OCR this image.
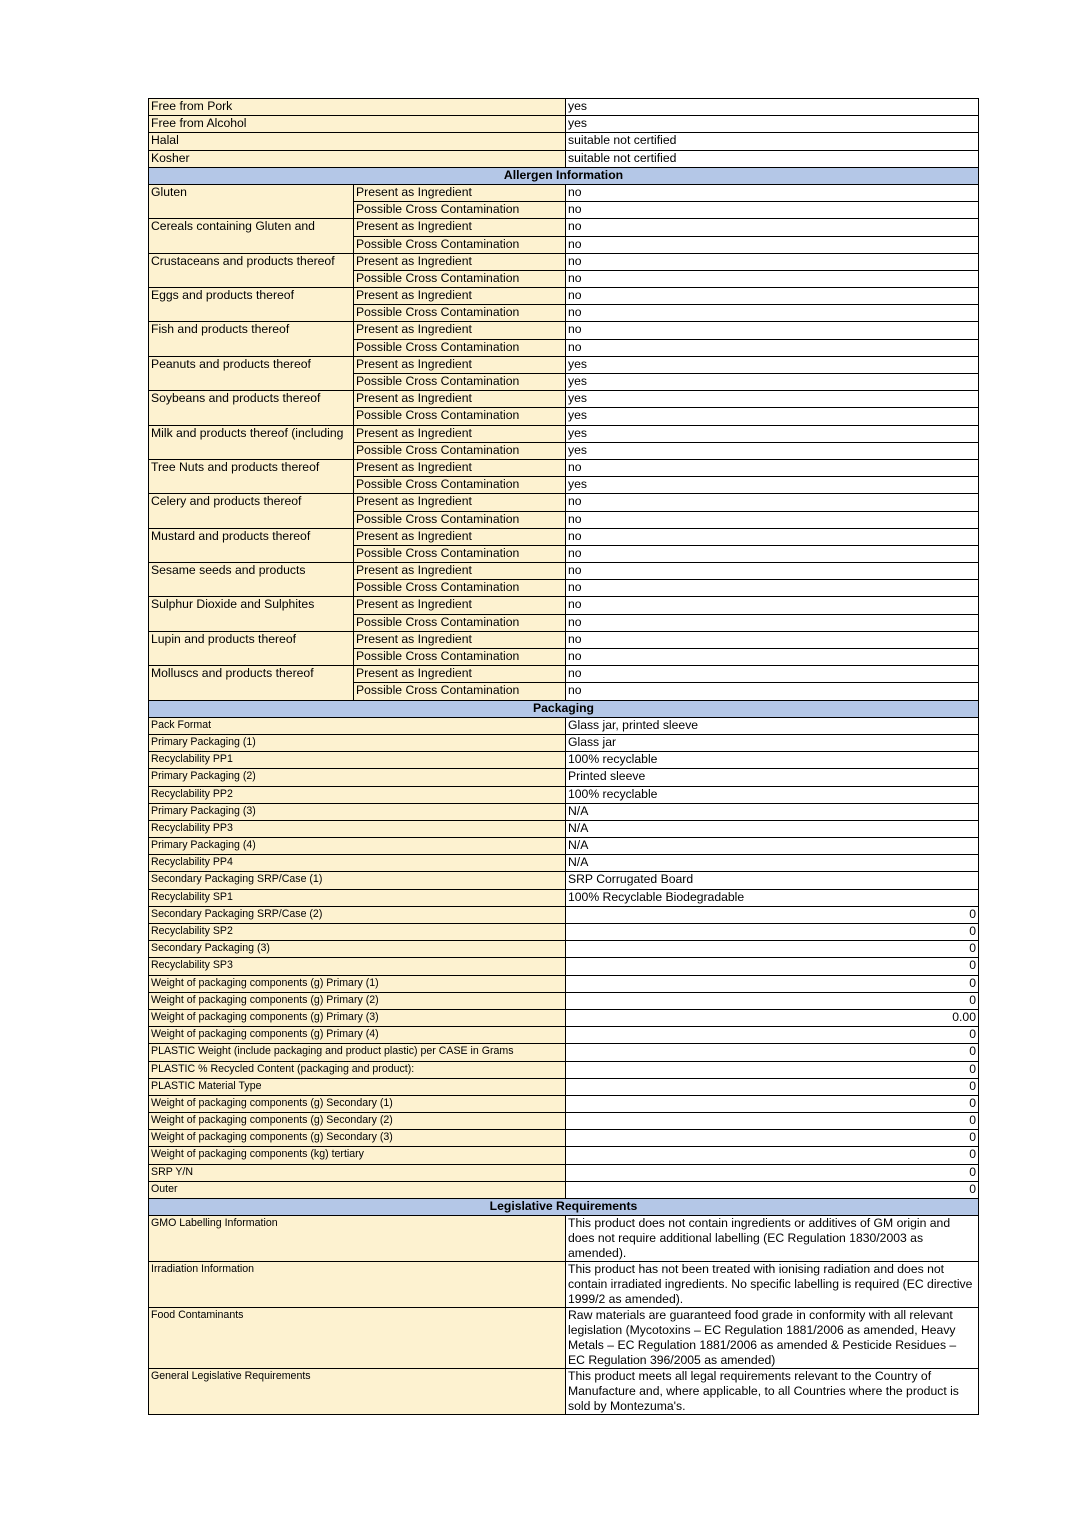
Free from Pork		yes
Free from Alcohol		yes
Halal		suitable not certified
Kosher		suitable not certified
Allergen Information		
Gluten	Present as Ingredient	no
	Possible Cross Contamination	no
Cereals containing Gluten and	Present as Ingredient	no
	Possible Cross Contamination	no
Crustaceans and products thereof	Present as Ingredient	no
	Possible Cross Contamination	no
Eggs and products thereof	Present as Ingredient	no
	Possible Cross Contamination	no
Fish and products thereof	Present as Ingredient	no
	Possible Cross Contamination	no
Peanuts and products thereof	Present as Ingredient	yes
	Possible Cross Contamination	yes
Soybeans and products thereof	Present as Ingredient	yes
	Possible Cross Contamination	yes
Milk and products thereof (including	Present as Ingredient	yes
	Possible Cross Contamination	yes
Tree Nuts and products thereof	Present as Ingredient	no
	Possible Cross Contamination	yes
Celery and products thereof	Present as Ingredient	no
	Possible Cross Contamination	no
Mustard and products thereof	Present as Ingredient	no
	Possible Cross Contamination	no
Sesame seeds and products	Present as Ingredient	no
	Possible Cross Contamination	no
Sulphur Dioxide and Sulphites	Present as Ingredient	no
	Possible Cross Contamination	no
Lupin and products thereof	Present as Ingredient	no
	Possible Cross Contamination	no
Molluscs and products thereof	Present as Ingredient	no
	Possible Cross Contamination	no
Packaging		
Pack Format		Glass jar, printed sleeve
Primary Packaging (1)		Glass jar
Recyclability PP1		100% recyclable
Primary Packaging (2)		Printed sleeve
Recyclability PP2		100% recyclable
Primary Packaging (3)		N/A
Recyclability PP3		N/A
Primary Packaging (4)		N/A
Recyclability PP4		N/A
Secondary Packaging SRP/Case (1)		SRP Corrugated Board
Recyclability SP1		100% Recyclable Biodegradable
Secondary Packaging SRP/Case (2)		0
Recyclability SP2		0
Secondary Packaging (3)		0
Recyclability SP3		0
Weight of packaging components (g) Primary (1)		0
Weight of packaging components (g) Primary (2)		0
Weight of packaging components (g) Primary (3)		0.00
Weight of packaging components (g) Primary (4)		0
PLASTIC Weight (include packaging and product plastic) per CASE in Grams		0
PLASTIC % Recycled Content (packaging and product):		0
PLASTIC Material Type		0
Weight of packaging components (g) Secondary (1)		0
Weight of packaging components (g) Secondary (2)		0
Weight of packaging components (g) Secondary (3)		0
Weight of packaging components (kg) tertiary		0
SRP Y/N		0
Outer		0
Legislative Requirements		
GMO Labelling Information		This product does not contain ingredients or additives of GM origin and does not require additional labelling (EC Regulation 1830/2003 as amended).
Irradiation Information		This product has not been treated with ionising radiation and does not contain irradiated ingredients. No specific labelling is required (EC directive 1999/2 as amended).
Food Contaminants		Raw materials are guaranteed food grade in conformity with all relevant legislation (Mycotoxins – EC Regulation 1881/2006 as amended, Heavy Metals – EC Regulation 1881/2006 as amended & Pesticide Residues – EC Regulation 396/2005 as amended)
General Legislative Requirements		This product meets all legal requirements relevant to the Country of Manufacture and, where applicable, to all Countries where the product is sold by Montezuma's.
